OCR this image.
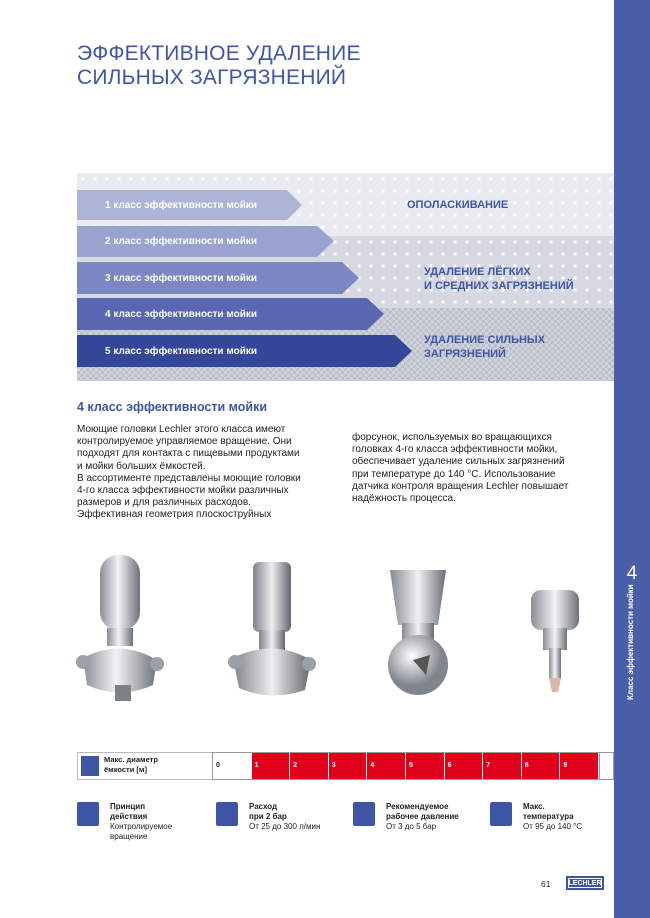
4
Класс эффективности мойки
ЭФФЕКТИВНОЕ УДАЛЕНИЕ
СИЛЬНЫХ ЗАГРЯЗНЕНИЙ
ОПОЛАСКИВАНИЕ
УДАЛЕНИЕ ЛЁГКИХ
И СРЕДНИХ ЗАГРЯЗНЕНИЙ
УДАЛЕНИЕ СИЛЬНЫХ
ЗАГРЯЗНЕНИЙ
1 класс эффективности мойки
2 класс эффективности мойки
3 класс эффективности мойки
4 класс эффективности мойки
5 класс эффективности мойки
4 класс эффективности мойки

Моющие головки Lechler этого класса имеют

контролируемое управляемое вращение. Они

подходят для контакта с пищевыми продуктами

и мойки больших ёмкостей.

В ассортименте представлены моющие головки

4-го класса эффективности мойки различных

размеров и для различных расходов.

Эффективная геометрия плоскоструйных

форсунок, используемых во вращающихся

головках 4-го класса эффективности мойки,

обеспечивает удаление сильных загрязнений

при температуре до 140 °C. Использование

датчика контроля вращения Lechler повышает

надёжность процесса.

Макс. диаметр
ёмкости [м]	0	1	2	3	4	5	6	7	8	9
Принцип
действия
Контролируемое
вращение
Расход
при 2 бар
От 25 до 300 л/мин
Рекомендуемое
рабочее давление
От 3 до 5 бар
Макс.
температура
От 95 до 140 °C
61	LECHLER
